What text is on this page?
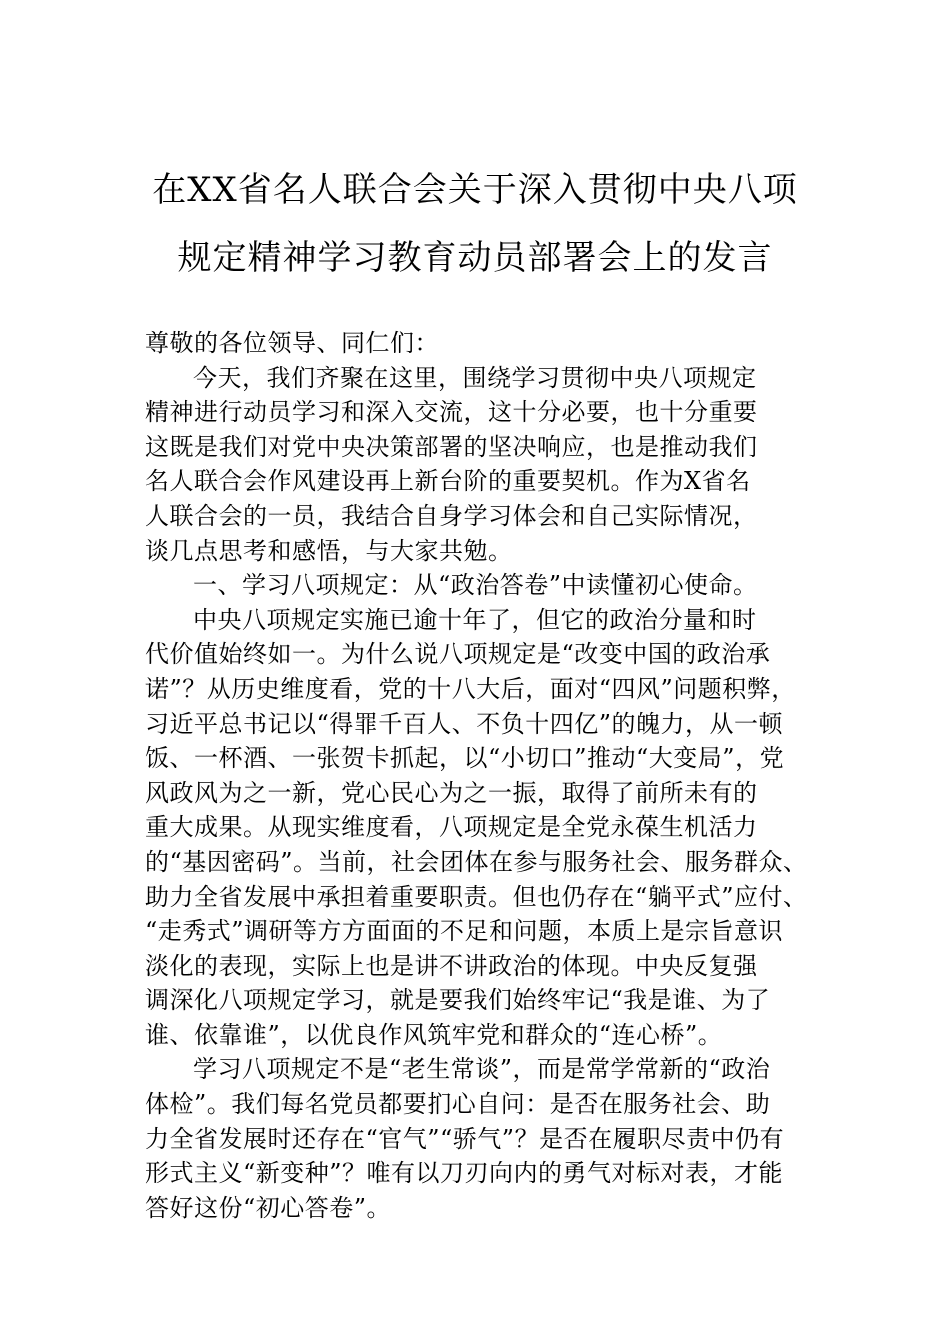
在XX省名人联合会关于深入贯彻中央八项
规定精神学习教育动员部署会上的发言
尊敬的各位领导、同仁们：
今天，我们齐聚在这里，围绕学习贯彻中央八项规定
精神进行动员学习和深入交流，这十分必要，也十分重要
这既是我们对党中央决策部署的坚决响应，也是推动我们
名人联合会作风建设再上新台阶的重要契机。作为X省名
人联合会的一员，我结合自身学习体会和自己实际情况，
谈几点思考和感悟，与大家共勉。
一、学习八项规定：从“政治答卷”中读懂初心使命。
中央八项规定实施已逾十年了，但它的政治分量和时
代价值始终如一。为什么说八项规定是“改变中国的政治承
诺”？从历史维度看，党的十八大后，面对“四风”问题积弊，
习近平总书记以“得罪千百人、不负十四亿”的魄力，从一顿
饭、一杯酒、一张贺卡抓起，以“小切口”推动“大变局”，党
风政风为之一新，党心民心为之一振，取得了前所未有的
重大成果。从现实维度看，八项规定是全党永葆生机活力
的“基因密码”。当前，社会团体在参与服务社会、服务群众、
助力全省发展中承担着重要职责。但也仍存在“躺平式”应付、
“走秀式”调研等方方面面的不足和问题，本质上是宗旨意识
淡化的表现，实际上也是讲不讲政治的体现。中央反复强
调深化八项规定学习，就是要我们始终牢记“我是谁、为了
谁、依靠谁”，以优良作风筑牢党和群众的“连心桥”。
学习八项规定不是“老生常谈”，而是常学常新的“政治
体检”。我们每名党员都要扪心自问：是否在服务社会、助
力全省发展时还存在“官气”“骄气”？是否在履职尽责中仍有
形式主义“新变种”？唯有以刀刃向内的勇气对标对表，才能
答好这份“初心答卷”。
